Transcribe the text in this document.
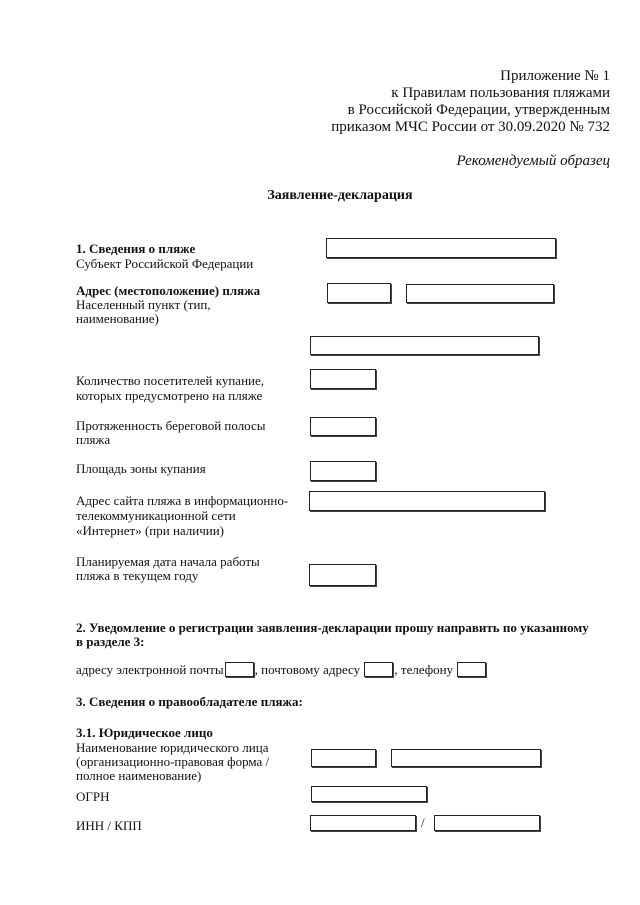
Приложение № 1
к Правилам пользования пляжами
в Российской Федерации, утвержденным
приказом МЧС России от 30.09.2020 № 732
Рекомендуемый образец
Заявление-декларация
1. Сведения о пляже
Субъект Российской Федерации
Адрес (местоположение) пляжа
Населенный пункт (тип,
наименование)
Количество посетителей купание,
которых предусмотрено на пляже
Протяженность береговой полосы
пляжа
Площадь зоны купания
Адрес сайта пляжа в информационно-
телекоммуникационной сети
«Интернет» (при наличии)
Планируемая дата начала работы
пляжа в текущем году
2. Уведомление о регистрации заявления-декларации прошу направить по указанному
в разделе 3:
адресу электронной почты , почтовому адресу	, телефону
3. Сведения о правообладателе пляжа:
3.1. Юридическое лицо
Наименование юридического лица
(организационно-правовая форма /
полное наименование)
ОГРН
ИНН / КПП	/
